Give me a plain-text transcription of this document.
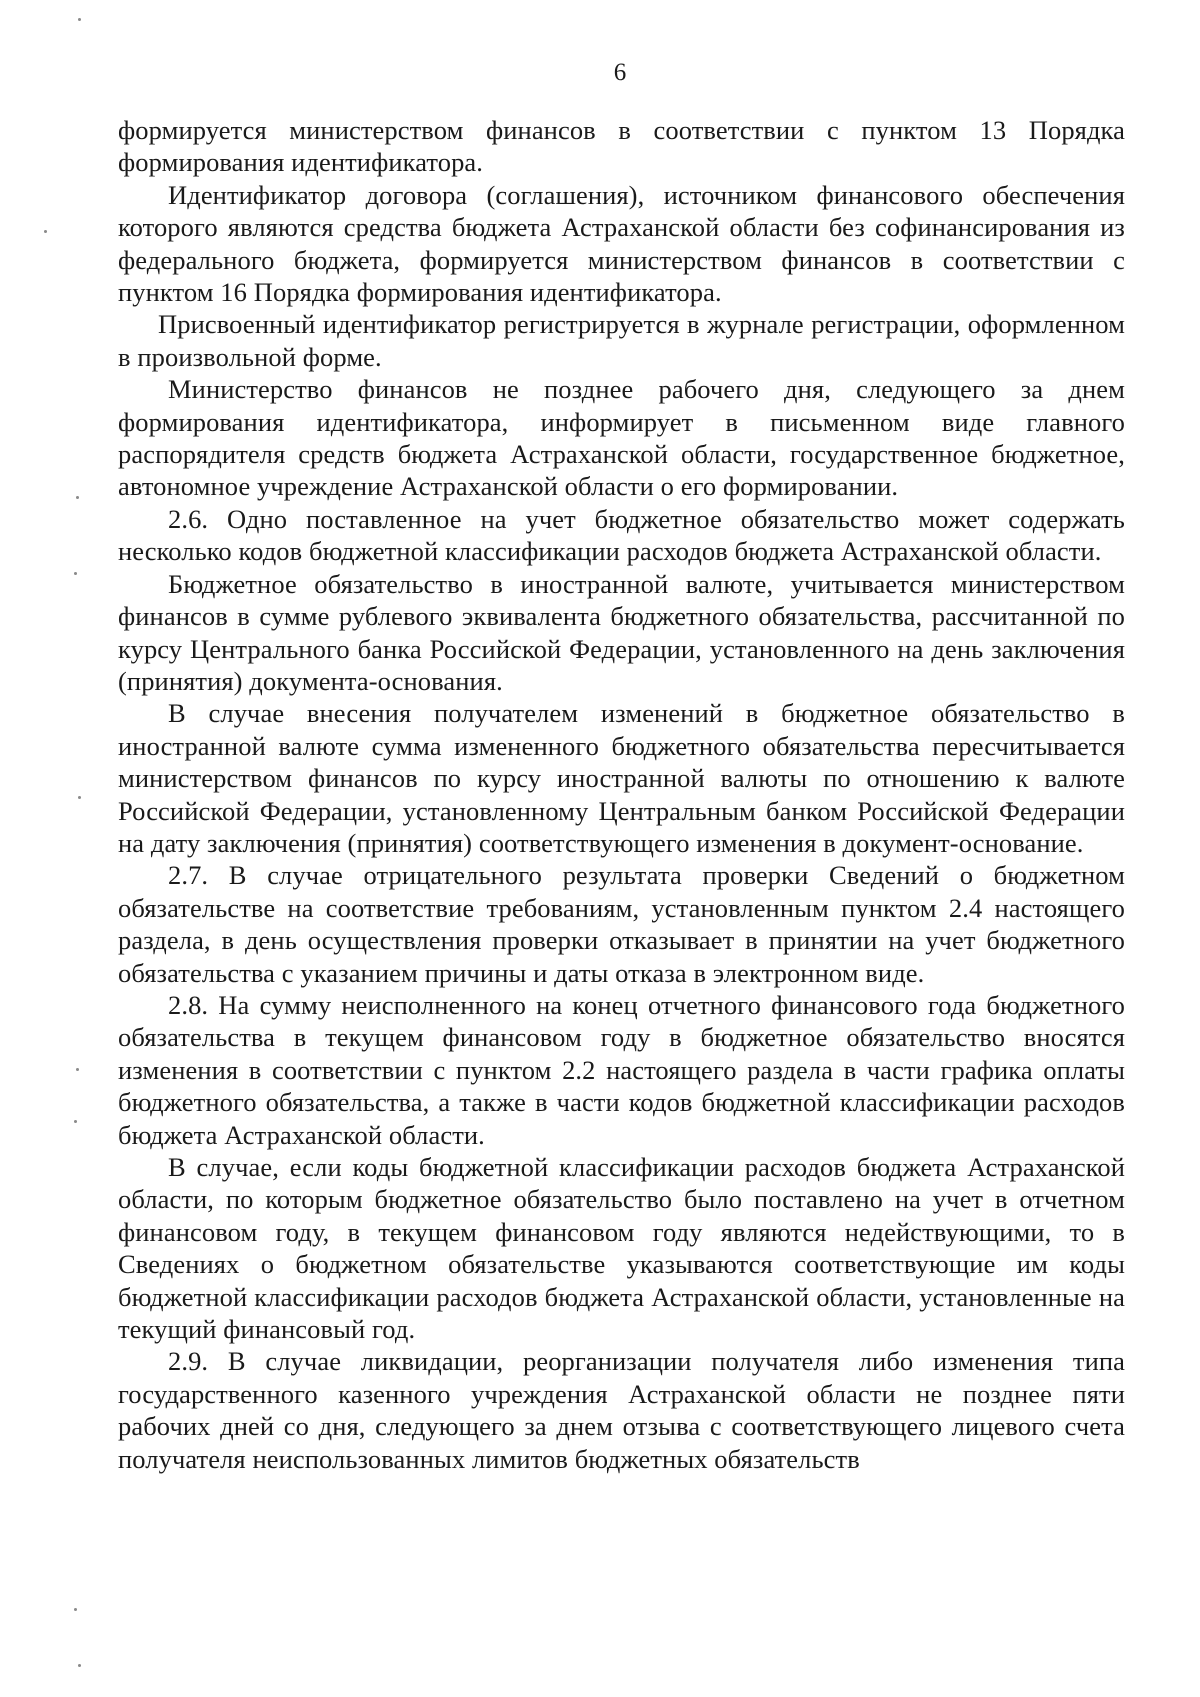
6

формируется министерством финансов в соответствии с пунктом 13 Порядка формирования идентификатора.

Идентификатор договора (соглашения), источником финансового обеспечения которого являются средства бюджета Астраханской области без софинансирования из федерального бюджета, формируется министерством финансов в соответствии с пунктом 16 Порядка формирования идентификатора.

Присвоенный идентификатор регистрируется в журнале регистрации, оформленном в произвольной форме.

Министерство финансов не позднее рабочего дня, следующего за днем формирования идентификатора, информирует в письменном виде главного распорядителя средств бюджета Астраханской области, государственное бюджетное, автономное учреждение Астраханской области о его формировании.

2.6. Одно поставленное на учет бюджетное обязательство может содержать несколько кодов бюджетной классификации расходов бюджета Астраханской области.

Бюджетное обязательство в иностранной валюте, учитывается министерством финансов в сумме рублевого эквивалента бюджетного обязательства, рассчитанной по курсу Центрального банка Российской Федерации, установленного на день заключения (принятия) документа-основания.

В случае внесения получателем изменений в бюджетное обязательство в иностранной валюте сумма измененного бюджетного обязательства пересчитывается министерством финансов по курсу иностранной валюты по отношению к валюте Российской Федерации, установленному Центральным банком Российской Федерации на дату заключения (принятия) соответствующего изменения в документ-основание.

2.7. В случае отрицательного результата проверки Сведений о бюджетном обязательстве на соответствие требованиям, установленным пунктом 2.4 настоящего раздела, в день осуществления проверки отказывает в принятии на учет бюджетного обязательства с указанием причины и даты отказа в электронном виде.

2.8. На сумму неисполненного на конец отчетного финансового года бюджетного обязательства в текущем финансовом году в бюджетное обязательство вносятся изменения в соответствии с пунктом 2.2 настоящего раздела в части графика оплаты бюджетного обязательства, а также в части кодов бюджетной классификации расходов бюджета Астраханской области.

В случае, если коды бюджетной классификации расходов бюджета Астраханской области, по которым бюджетное обязательство было поставлено на учет в отчетном финансовом году, в текущем финансовом году являются недействующими, то в Сведениях о бюджетном обязательстве указываются соответствующие им коды бюджетной классификации расходов бюджета Астраханской области, установленные на текущий финансовый год.

2.9. В случае ликвидации, реорганизации получателя либо изменения типа государственного казенного учреждения Астраханской области не позднее пяти рабочих дней со дня, следующего за днем отзыва с соответствующего лицевого счета получателя неиспользованных лимитов бюджетных обязательств
